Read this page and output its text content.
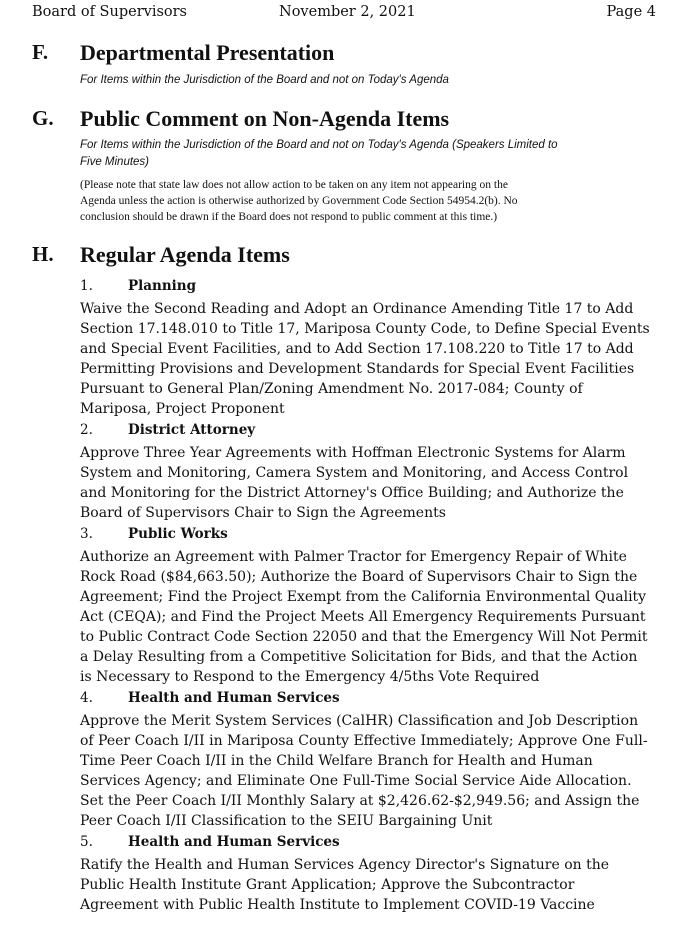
Board of Supervisors	November 2, 2021	Page 4
F. Departmental Presentation
For Items within the Jurisdiction of the Board and not on Today's Agenda
G. Public Comment on Non-Agenda Items
For Items within the Jurisdiction of the Board and not on Today's Agenda (Speakers Limited to
Five Minutes)
(Please note that state law does not allow action to be taken on any item not appearing on the
Agenda unless the action is otherwise authorized by Government Code Section 54954.2(b). No
conclusion should be drawn if the Board does not respond to public comment at this time.)
H. Regular Agenda Items
1.	Planning
Waive the Second Reading and Adopt an Ordinance Amending Title 17 to Add
Section 17.148.010 to Title 17, Mariposa County Code, to Define Special Events
and Special Event Facilities, and to Add Section 17.108.220 to Title 17 to Add
Permitting Provisions and Development Standards for Special Event Facilities
Pursuant to General Plan/Zoning Amendment No. 2017-084; County of
Mariposa, Project Proponent
2.	District Attorney
Approve Three Year Agreements with Hoffman Electronic Systems for Alarm
System and Monitoring, Camera System and Monitoring, and Access Control
and Monitoring for the District Attorney's Office Building; and Authorize the
Board of Supervisors Chair to Sign the Agreements
3.	Public Works
Authorize an Agreement with Palmer Tractor for Emergency Repair of White
Rock Road ($84,663.50); Authorize the Board of Supervisors Chair to Sign the
Agreement; Find the Project Exempt from the California Environmental Quality
Act (CEQA); and Find the Project Meets All Emergency Requirements Pursuant
to Public Contract Code Section 22050 and that the Emergency Will Not Permit
a Delay Resulting from a Competitive Solicitation for Bids, and that the Action
is Necessary to Respond to the Emergency 4/5ths Vote Required
4.	Health and Human Services
Approve the Merit System Services (CalHR) Classification and Job Description
of Peer Coach I/II in Mariposa County Effective Immediately; Approve One Full-
Time Peer Coach I/II in the Child Welfare Branch for Health and Human
Services Agency; and Eliminate One Full-Time Social Service Aide Allocation.
Set the Peer Coach I/II Monthly Salary at $2,426.62-$2,949.56; and Assign the
Peer Coach I/II Classification to the SEIU Bargaining Unit
5.	Health and Human Services
Ratify the Health and Human Services Agency Director's Signature on the
Public Health Institute Grant Application; Approve the Subcontractor
Agreement with Public Health Institute to Implement COVID-19 Vaccine
